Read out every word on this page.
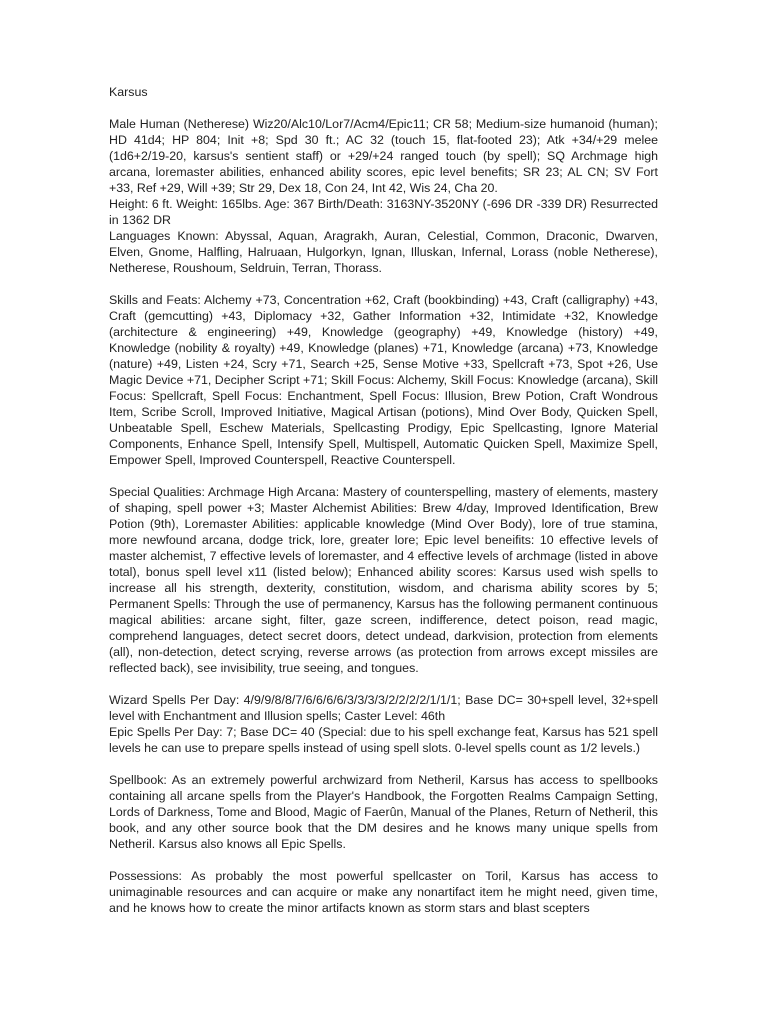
Karsus

Male Human (Netherese) Wiz20/Alc10/Lor7/Acm4/Epic11; CR 58; Medium-size humanoid (human); HD 41d4; HP 804; Init +8; Spd 30 ft.; AC 32 (touch 15, flat-footed 23); Atk +34/+29 melee (1d6+2/19-20, karsus's sentient staff) or +29/+24 ranged touch (by spell); SQ Archmage high arcana, loremaster abilities, enhanced ability scores, epic level benefits; SR 23; AL CN; SV Fort +33, Ref +29, Will +39; Str 29, Dex 18, Con 24, Int 42, Wis 24, Cha 20.

Height: 6 ft. Weight: 165lbs. Age: 367 Birth/Death: 3163NY-3520NY (-696 DR -339 DR) Resurrected in 1362 DR

Languages Known: Abyssal, Aquan, Aragrakh, Auran, Celestial, Common, Draconic, Dwarven, Elven, Gnome, Halfling, Halruaan, Hulgorkyn, Ignan, Illuskan, Infernal, Lorass (noble Netherese), Netherese, Roushoum, Seldruin, Terran, Thorass.

Skills and Feats: Alchemy +73, Concentration +62, Craft (bookbinding) +43, Craft (calligraphy) +43, Craft (gemcutting) +43, Diplomacy +32, Gather Information +32, Intimidate +32, Knowledge (architecture & engineering) +49, Knowledge (geography) +49, Knowledge (history) +49, Knowledge (nobility & royalty) +49, Knowledge (planes) +71, Knowledge (arcana) +73, Knowledge (nature) +49, Listen +24, Scry +71, Search +25, Sense Motive +33, Spellcraft +73, Spot +26, Use Magic Device +71, Decipher Script +71; Skill Focus: Alchemy, Skill Focus: Knowledge (arcana), Skill Focus: Spellcraft, Spell Focus: Enchantment, Spell Focus: Illusion, Brew Potion, Craft Wondrous Item, Scribe Scroll, Improved Initiative, Magical Artisan (potions), Mind Over Body, Quicken Spell, Unbeatable Spell, Eschew Materials, Spellcasting Prodigy, Epic Spellcasting, Ignore Material Components, Enhance Spell, Intensify Spell, Multispell, Automatic Quicken Spell, Maximize Spell, Empower Spell, Improved Counterspell, Reactive Counterspell.

Special Qualities: Archmage High Arcana: Mastery of counterspelling, mastery of elements, mastery of shaping, spell power +3; Master Alchemist Abilities: Brew 4/day, Improved Identification, Brew Potion (9th), Loremaster Abilities: applicable knowledge (Mind Over Body), lore of true stamina, more newfound arcana, dodge trick, lore, greater lore; Epic level beneifits: 10 effective levels of master alchemist, 7 effective levels of loremaster, and 4 effective levels of archmage (listed in above total), bonus spell level x11 (listed below); Enhanced ability scores: Karsus used wish spells to increase all his strength, dexterity, constitution, wisdom, and charisma ability scores by 5; Permanent Spells: Through the use of permanency, Karsus has the following permanent continuous magical abilities: arcane sight, filter, gaze screen, indifference, detect poison, read magic, comprehend languages, detect secret doors, detect undead, darkvision, protection from elements (all), non-detection, detect scrying, reverse arrows (as protection from arrows except missiles are reflected back), see invisibility, true seeing, and tongues.

Wizard Spells Per Day: 4/9/9/8/8/7/6/6/6/6/3/3/3/3/2/2/2/2/1/1/1; Base DC= 30+spell level, 32+spell level with Enchantment and Illusion spells; Caster Level: 46th

Epic Spells Per Day: 7; Base DC= 40 (Special: due to his spell exchange feat, Karsus has 521 spell levels he can use to prepare spells instead of using spell slots. 0-level spells count as 1/2 levels.)

Spellbook: As an extremely powerful archwizard from Netheril, Karsus has access to spellbooks containing all arcane spells from the Player's Handbook, the Forgotten Realms Campaign Setting, Lords of Darkness, Tome and Blood, Magic of Faerûn, Manual of the Planes, Return of Netheril, this book, and any other source book that the DM desires and he knows many unique spells from Netheril. Karsus also knows all Epic Spells.

Possessions: As probably the most powerful spellcaster on Toril, Karsus has access to unimaginable resources and can acquire or make any nonartifact item he might need, given time, and he knows how to create the minor artifacts known as storm stars and blast scepters
